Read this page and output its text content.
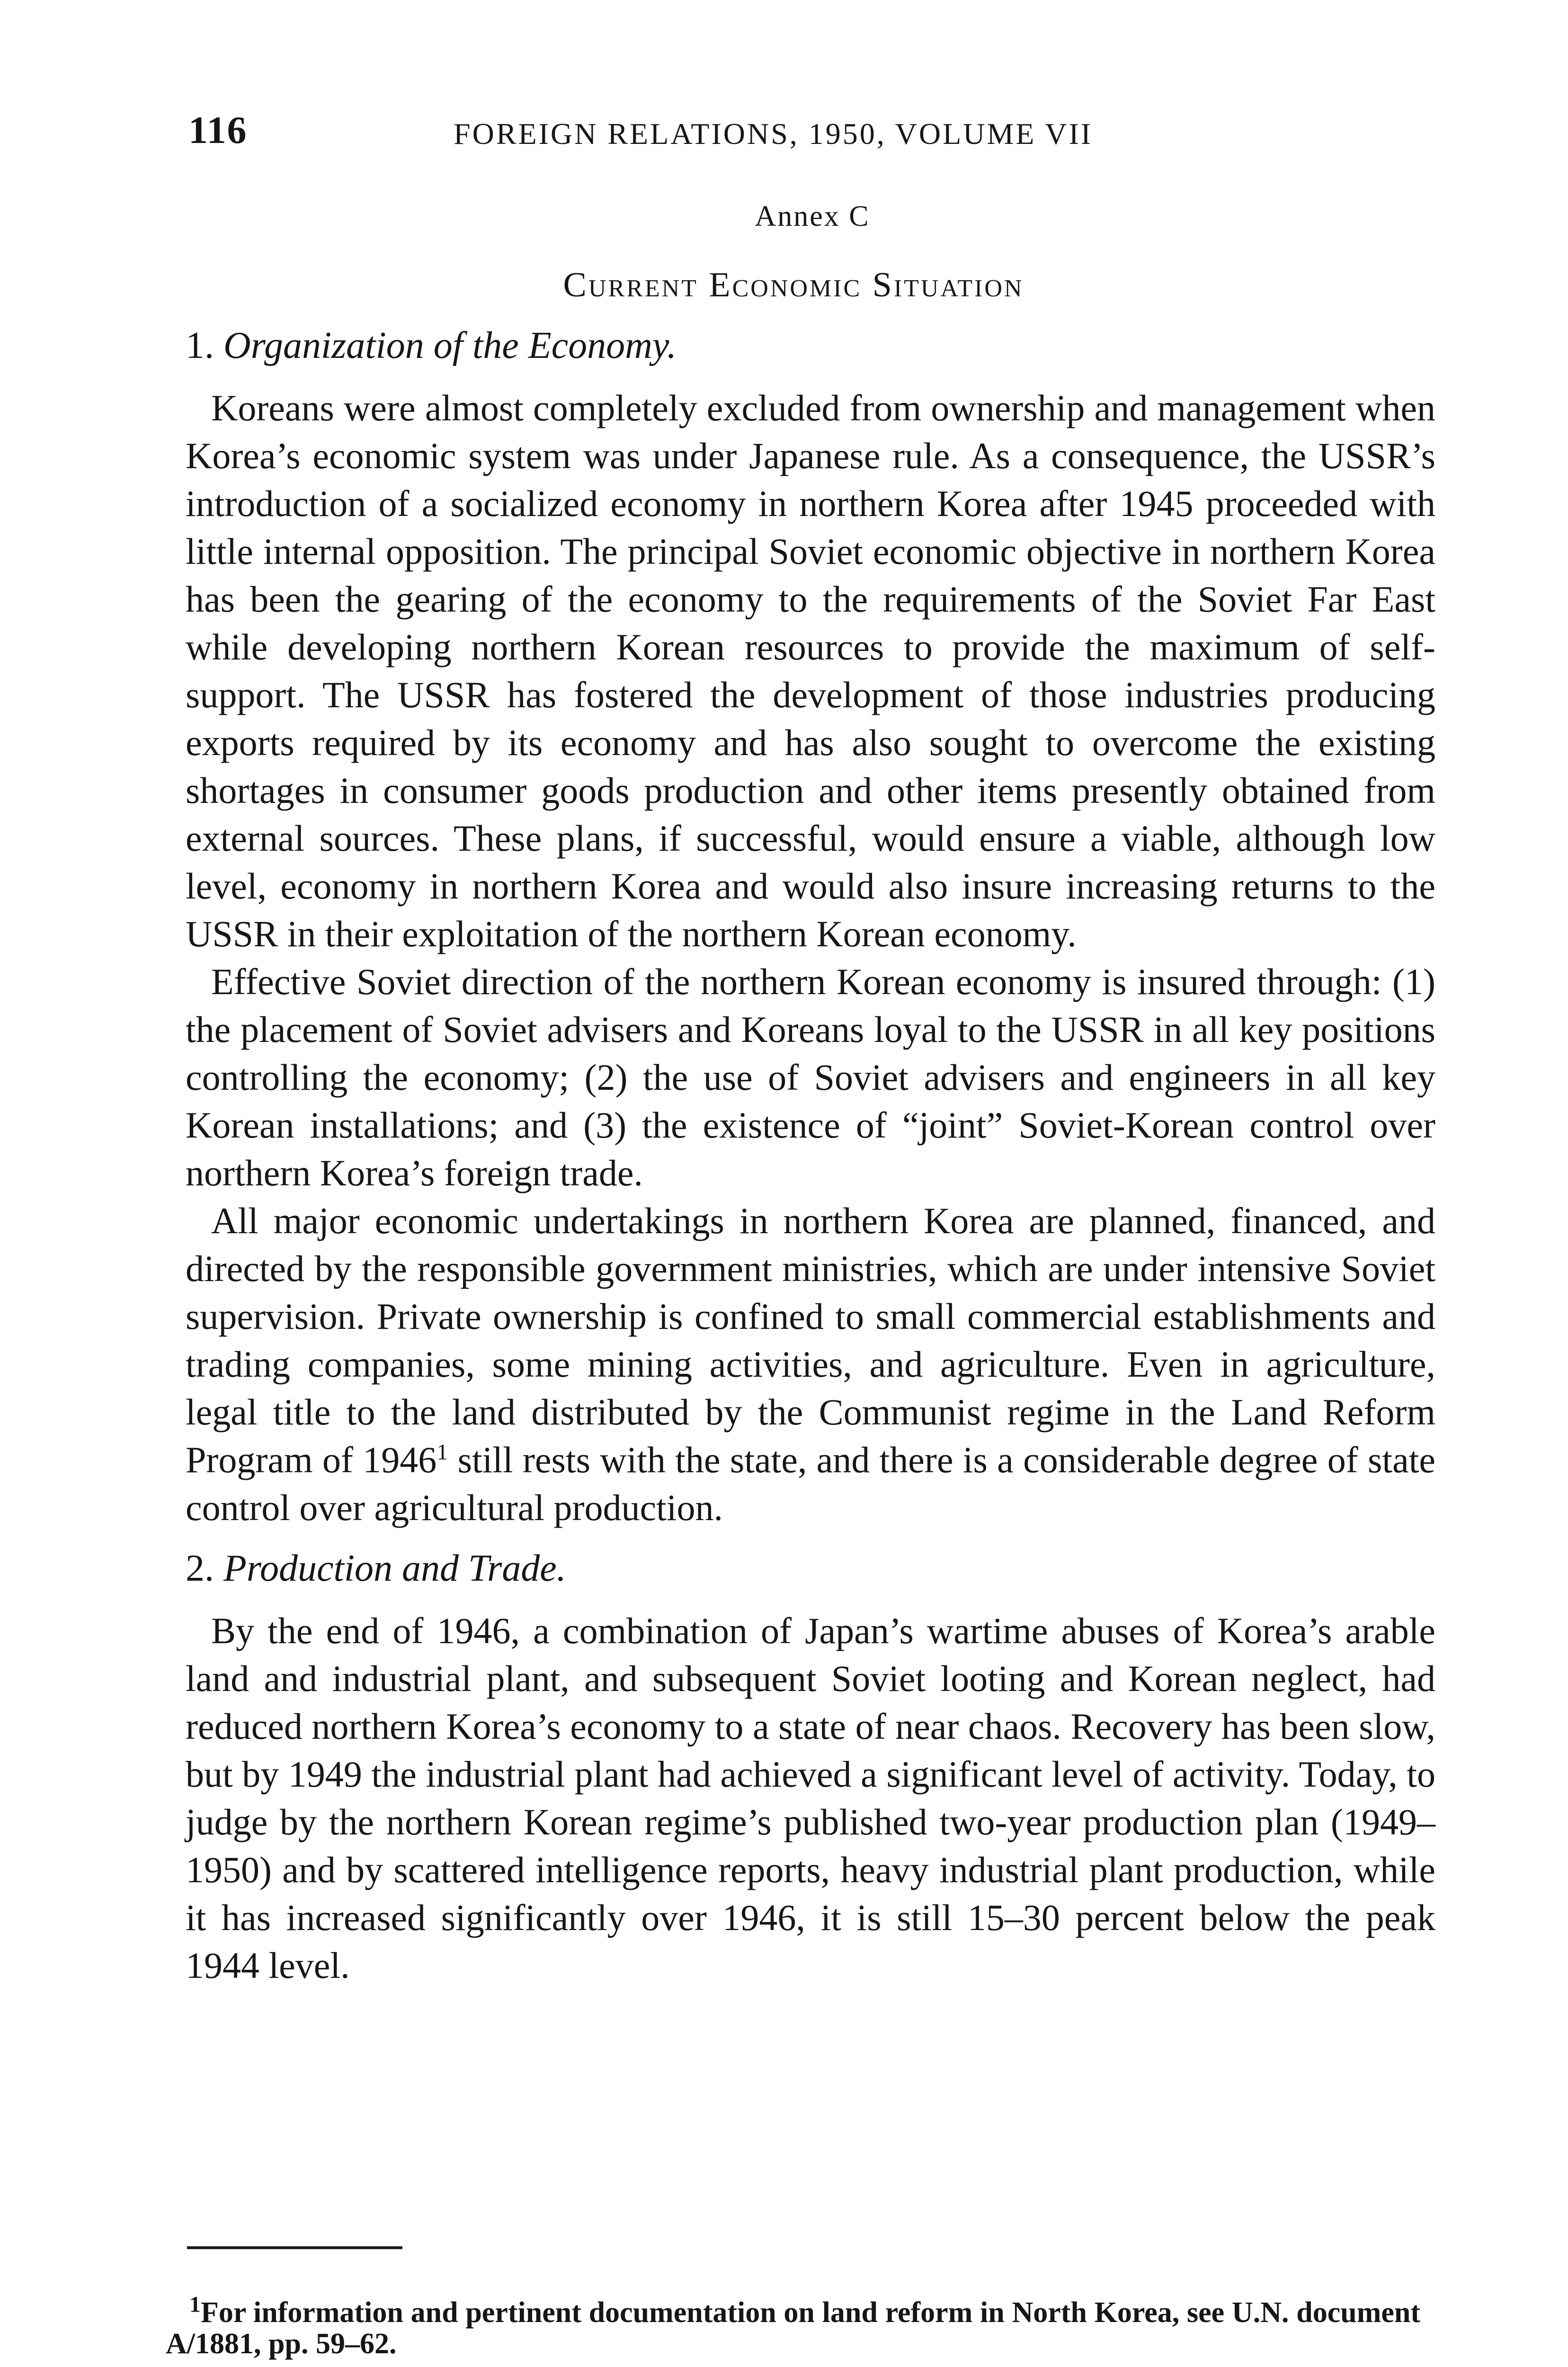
116	FOREIGN RELATIONS, 1950, VOLUME VII
Annex C
Current Economic Situation

1. Organization of the Economy.

Koreans were almost completely excluded from ownership and management when Korea’s economic system was under Japanese rule. As a consequence, the USSR’s introduction of a socialized economy in northern Korea after 1945 proceeded with little internal opposition. The principal Soviet economic objective in northern Korea has been the gearing of the economy to the requirements of the Soviet Far East while developing northern Korean resources to provide the maximum of self-support. The USSR has fostered the development of those industries producing exports required by its economy and has also sought to overcome the existing shortages in consumer goods production and other items presently obtained from external sources. These plans, if successful, would ensure a viable, although low level, economy in northern Korea and would also insure increasing returns to the USSR in their exploitation of the northern Korean economy.

Effective Soviet direction of the northern Korean economy is insured through: (1) the placement of Soviet advisers and Koreans loyal to the USSR in all key positions controlling the economy; (2) the use of Soviet advisers and engineers in all key Korean installations; and (3) the existence of “joint” Soviet-Korean control over northern Korea’s foreign trade.

All major economic undertakings in northern Korea are planned, financed, and directed by the responsible government ministries, which are under intensive Soviet supervision. Private ownership is confined to small commercial establishments and trading companies, some mining activities, and agriculture. Even in agriculture, legal title to the land distributed by the Communist regime in the Land Reform Program of 1946$^1$ still rests with the state, and there is a considerable degree of state control over agricultural production.

2. Production and Trade.

By the end of 1946, a combination of Japan’s wartime abuses of Korea’s arable land and industrial plant, and subsequent Soviet looting and Korean neglect, had reduced northern Korea’s economy to a state of near chaos. Recovery has been slow, but by 1949 the industrial plant had achieved a significant level of activity. Today, to judge by the northern Korean regime’s published two-year production plan (1949–1950) and by scattered intelligence reports, heavy industrial plant production, while it has increased significantly over 1946, it is still 15–30 percent below the peak 1944 level.

$^1$For information and pertinent documentation on land reform in North Korea, see U.N. document A/1881, pp. 59–62.
